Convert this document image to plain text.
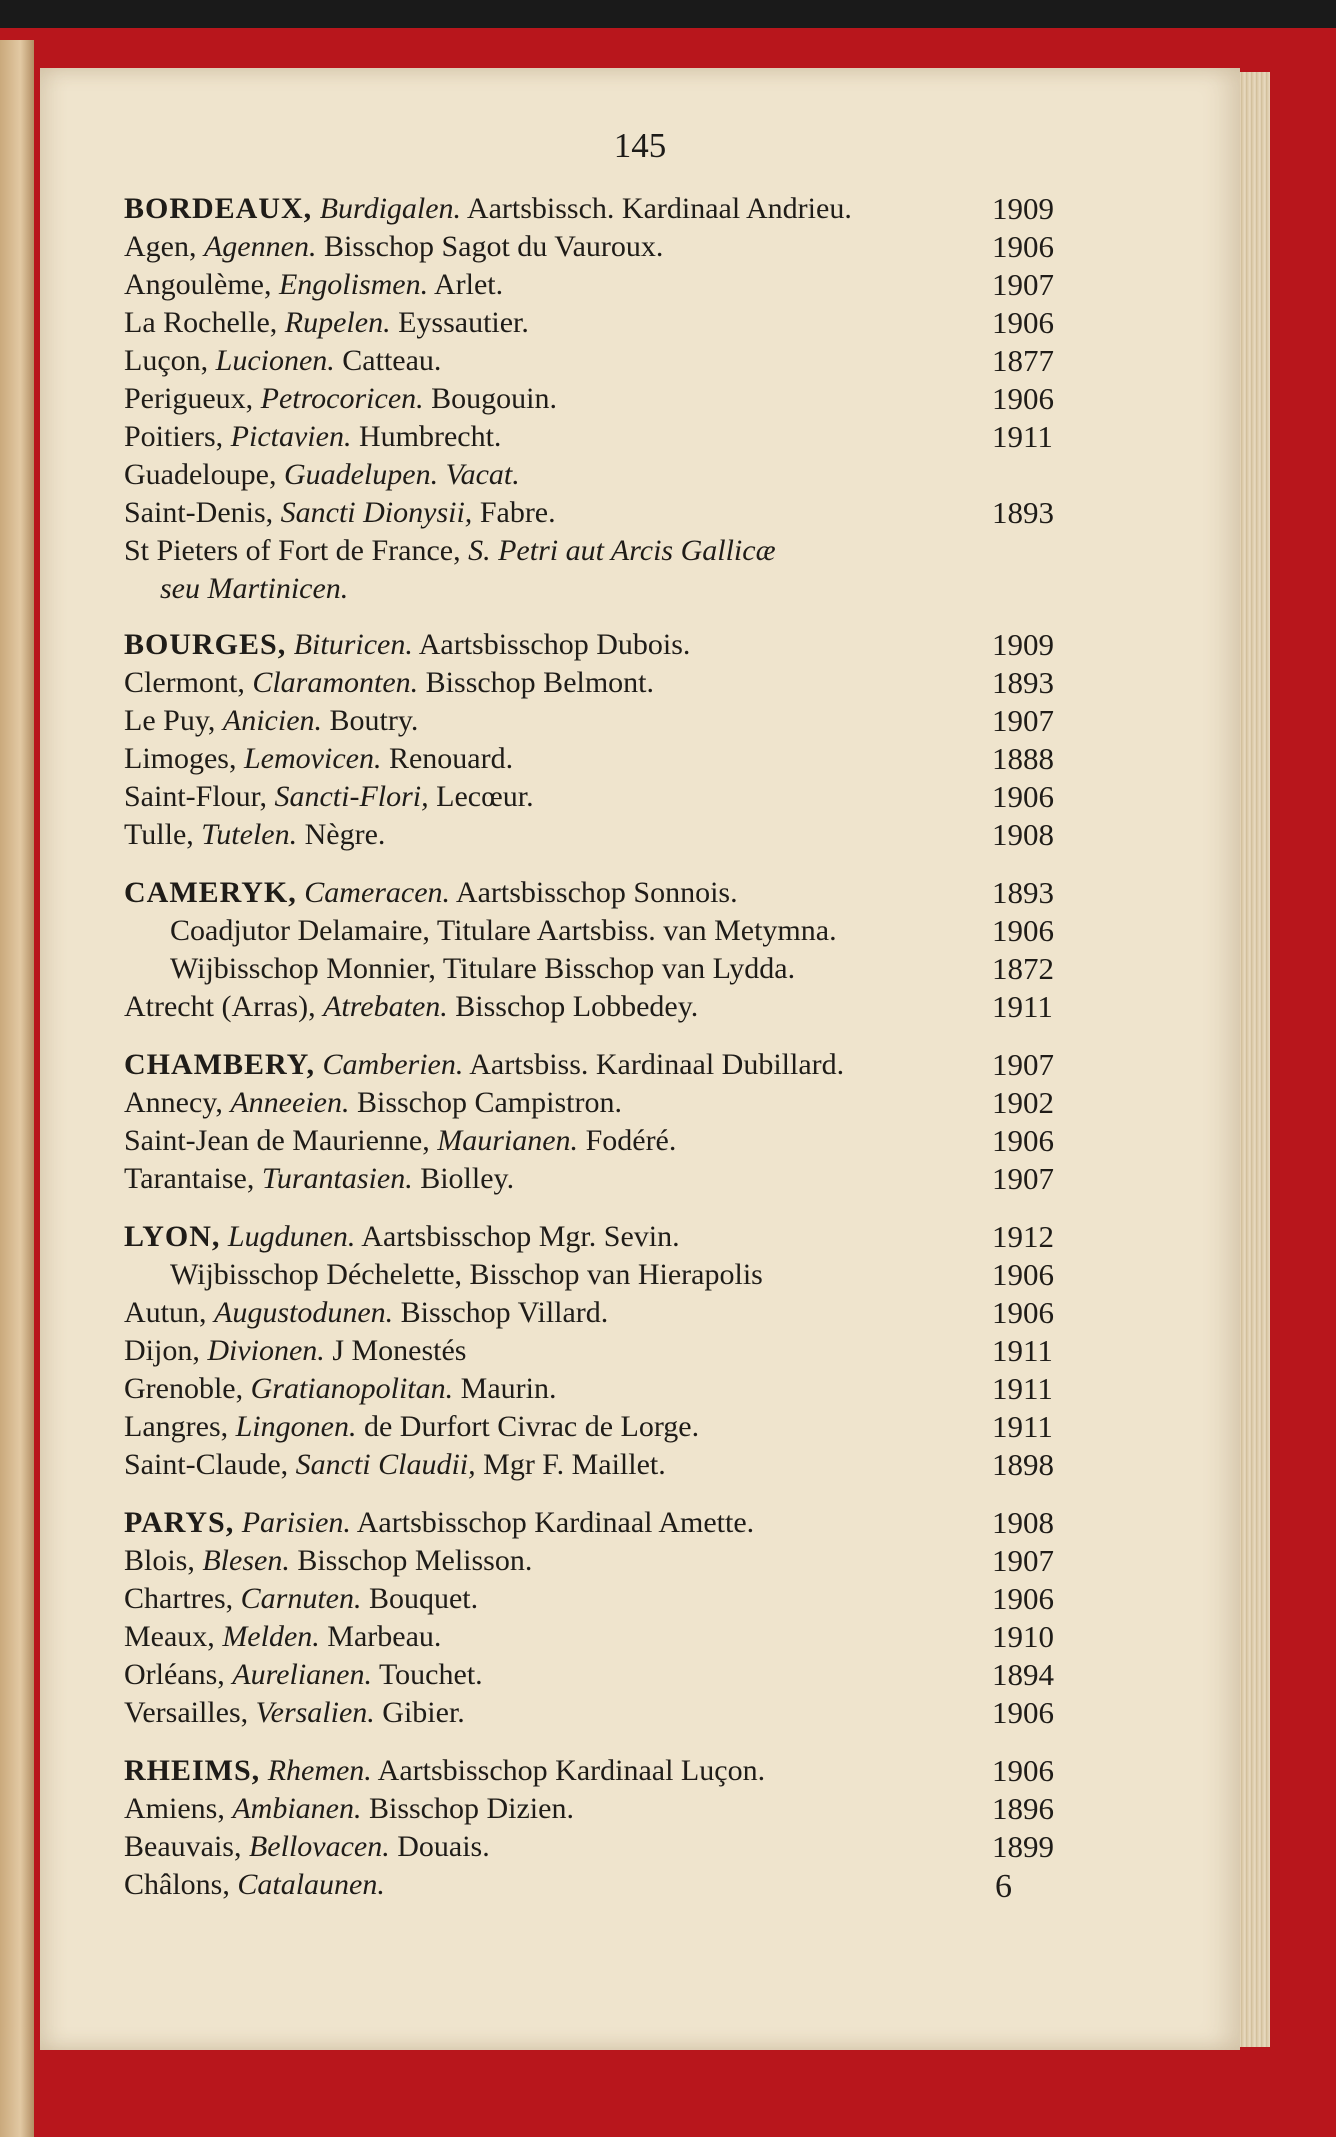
145
BORDEAUX, Burdigalen. Aartsbissch. Kardinaal Andrieu.	1909
Agen, Agennen. Bisschop Sagot du Vauroux.	1906
Angoulème, Engolismen. Arlet.	1907
La Rochelle, Rupelen. Eyssautier.	1906
Luçon, Lucionen. Catteau.	1877
Perigueux, Petrocoricen. Bougouin.	1906
Poitiers, Pictavien. Humbrecht.	1911
Guadeloupe, Guadelupen. Vacat.
Saint-Denis, Sancti Dionysii, Fabre.	1893
St Pieters of Fort de France, S. Petri aut Arcis Gallicæ
seu Martinicen.
BOURGES, Bituricen. Aartsbisschop Dubois.	1909
Clermont, Claramonten. Bisschop Belmont.	1893
Le Puy, Anicien. Boutry.	1907
Limoges, Lemovicen. Renouard.	1888
Saint-Flour, Sancti-Flori, Lecœur.	1906
Tulle, Tutelen. Nègre.	1908
CAMERYK, Cameracen. Aartsbisschop Sonnois.	1893
Coadjutor Delamaire, Titulare Aartsbiss. van Metymna.	1906
Wijbisschop Monnier, Titulare Bisschop van Lydda.	1872
Atrecht (Arras), Atrebaten. Bisschop Lobbedey.	1911
CHAMBERY, Camberien. Aartsbiss. Kardinaal Dubillard.	1907
Annecy, Anneeien. Bisschop Campistron.	1902
Saint-Jean de Maurienne, Maurianen. Fodéré.	1906
Tarantaise, Turantasien. Biolley.	1907
LYON, Lugdunen. Aartsbisschop Mgr. Sevin.	1912
Wijbisschop Déchelette, Bisschop van Hierapolis	1906
Autun, Augustodunen. Bisschop Villard.	1906
Dijon, Divionen. J Monestés	1911
Grenoble, Gratianopolitan. Maurin.	1911
Langres, Lingonen. de Durfort Civrac de Lorge.	1911
Saint-Claude, Sancti Claudii, Mgr F. Maillet.	1898
PARYS, Parisien. Aartsbisschop Kardinaal Amette.	1908
Blois, Blesen. Bisschop Melisson.	1907
Chartres, Carnuten. Bouquet.	1906
Meaux, Melden. Marbeau.	1910
Orléans, Aurelianen. Touchet.	1894
Versailles, Versalien. Gibier.	1906
RHEIMS, Rhemen. Aartsbisschop Kardinaal Luçon.	1906
Amiens, Ambianen. Bisschop Dizien.	1896
Beauvais, Bellovacen. Douais.	1899
Châlons, Catalaunen.	6
